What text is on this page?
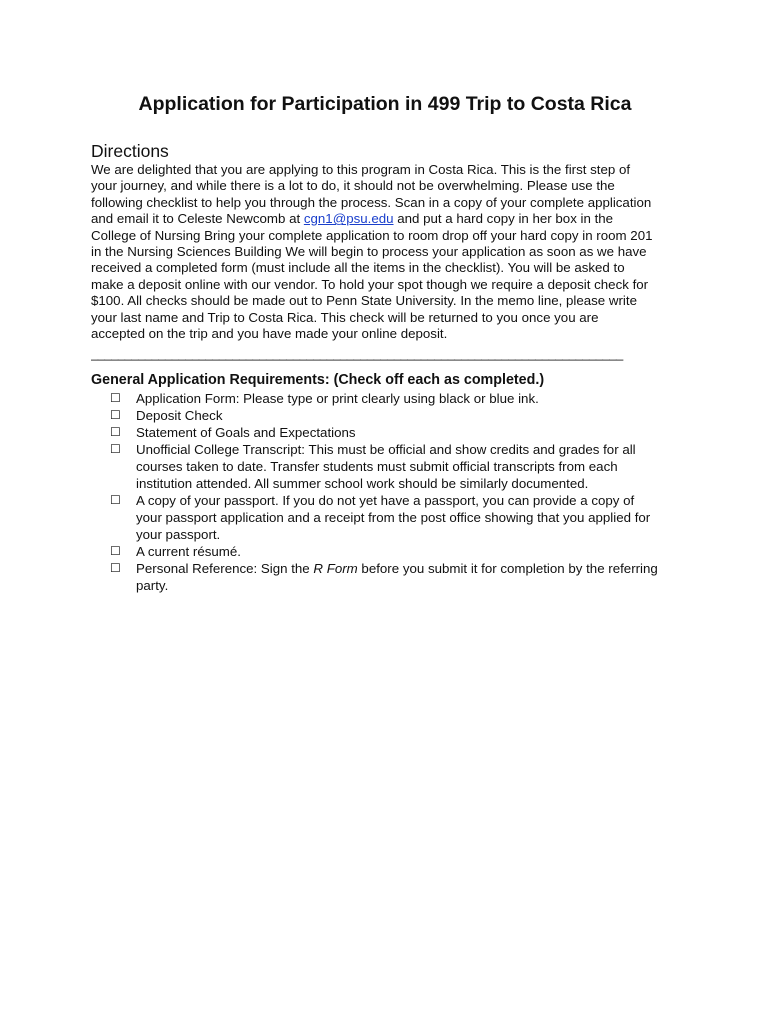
Application for Participation in 499 Trip to Costa Rica
Directions
We are delighted that you are applying to this program in Costa Rica. This is the first step of
your journey, and while there is a lot to do, it should not be overwhelming. Please use the
following checklist to help you through the process. Scan in a copy of your complete application
and email it to Celeste Newcomb at cgn1@psu.edu and put a hard copy in her box in the
College of Nursing Bring your complete application to room drop off your hard copy in room 201
in the Nursing Sciences Building We will begin to process your application as soon as we have
received a completed form (must include all the items in the checklist). You will be asked to
make a deposit online with our vendor. To hold your spot though we require a deposit check for
$100. All checks should be made out to Penn State University. In the memo line, please write
your last name and Trip to Costa Rica. This check will be returned to you once you are
accepted on the trip and you have made your online deposit.
_______________________________________________________________________________
General Application Requirements: (Check off each as completed.)
☐	Application Form: Please type or print clearly using black or blue ink.
☐	Deposit Check
☐	Statement of Goals and Expectations
☐	Unofficial College Transcript: This must be official and show credits and grades for all
courses taken to date. Transfer students must submit official transcripts from each
institution attended. All summer school work should be similarly documented.
☐	A copy of your passport. If you do not yet have a passport, you can provide a copy of
your passport application and a receipt from the post office showing that you applied for
your passport.
☐	A current résumé.
☐	Personal Reference: Sign the R Form before you submit it for completion by the referring
party.
